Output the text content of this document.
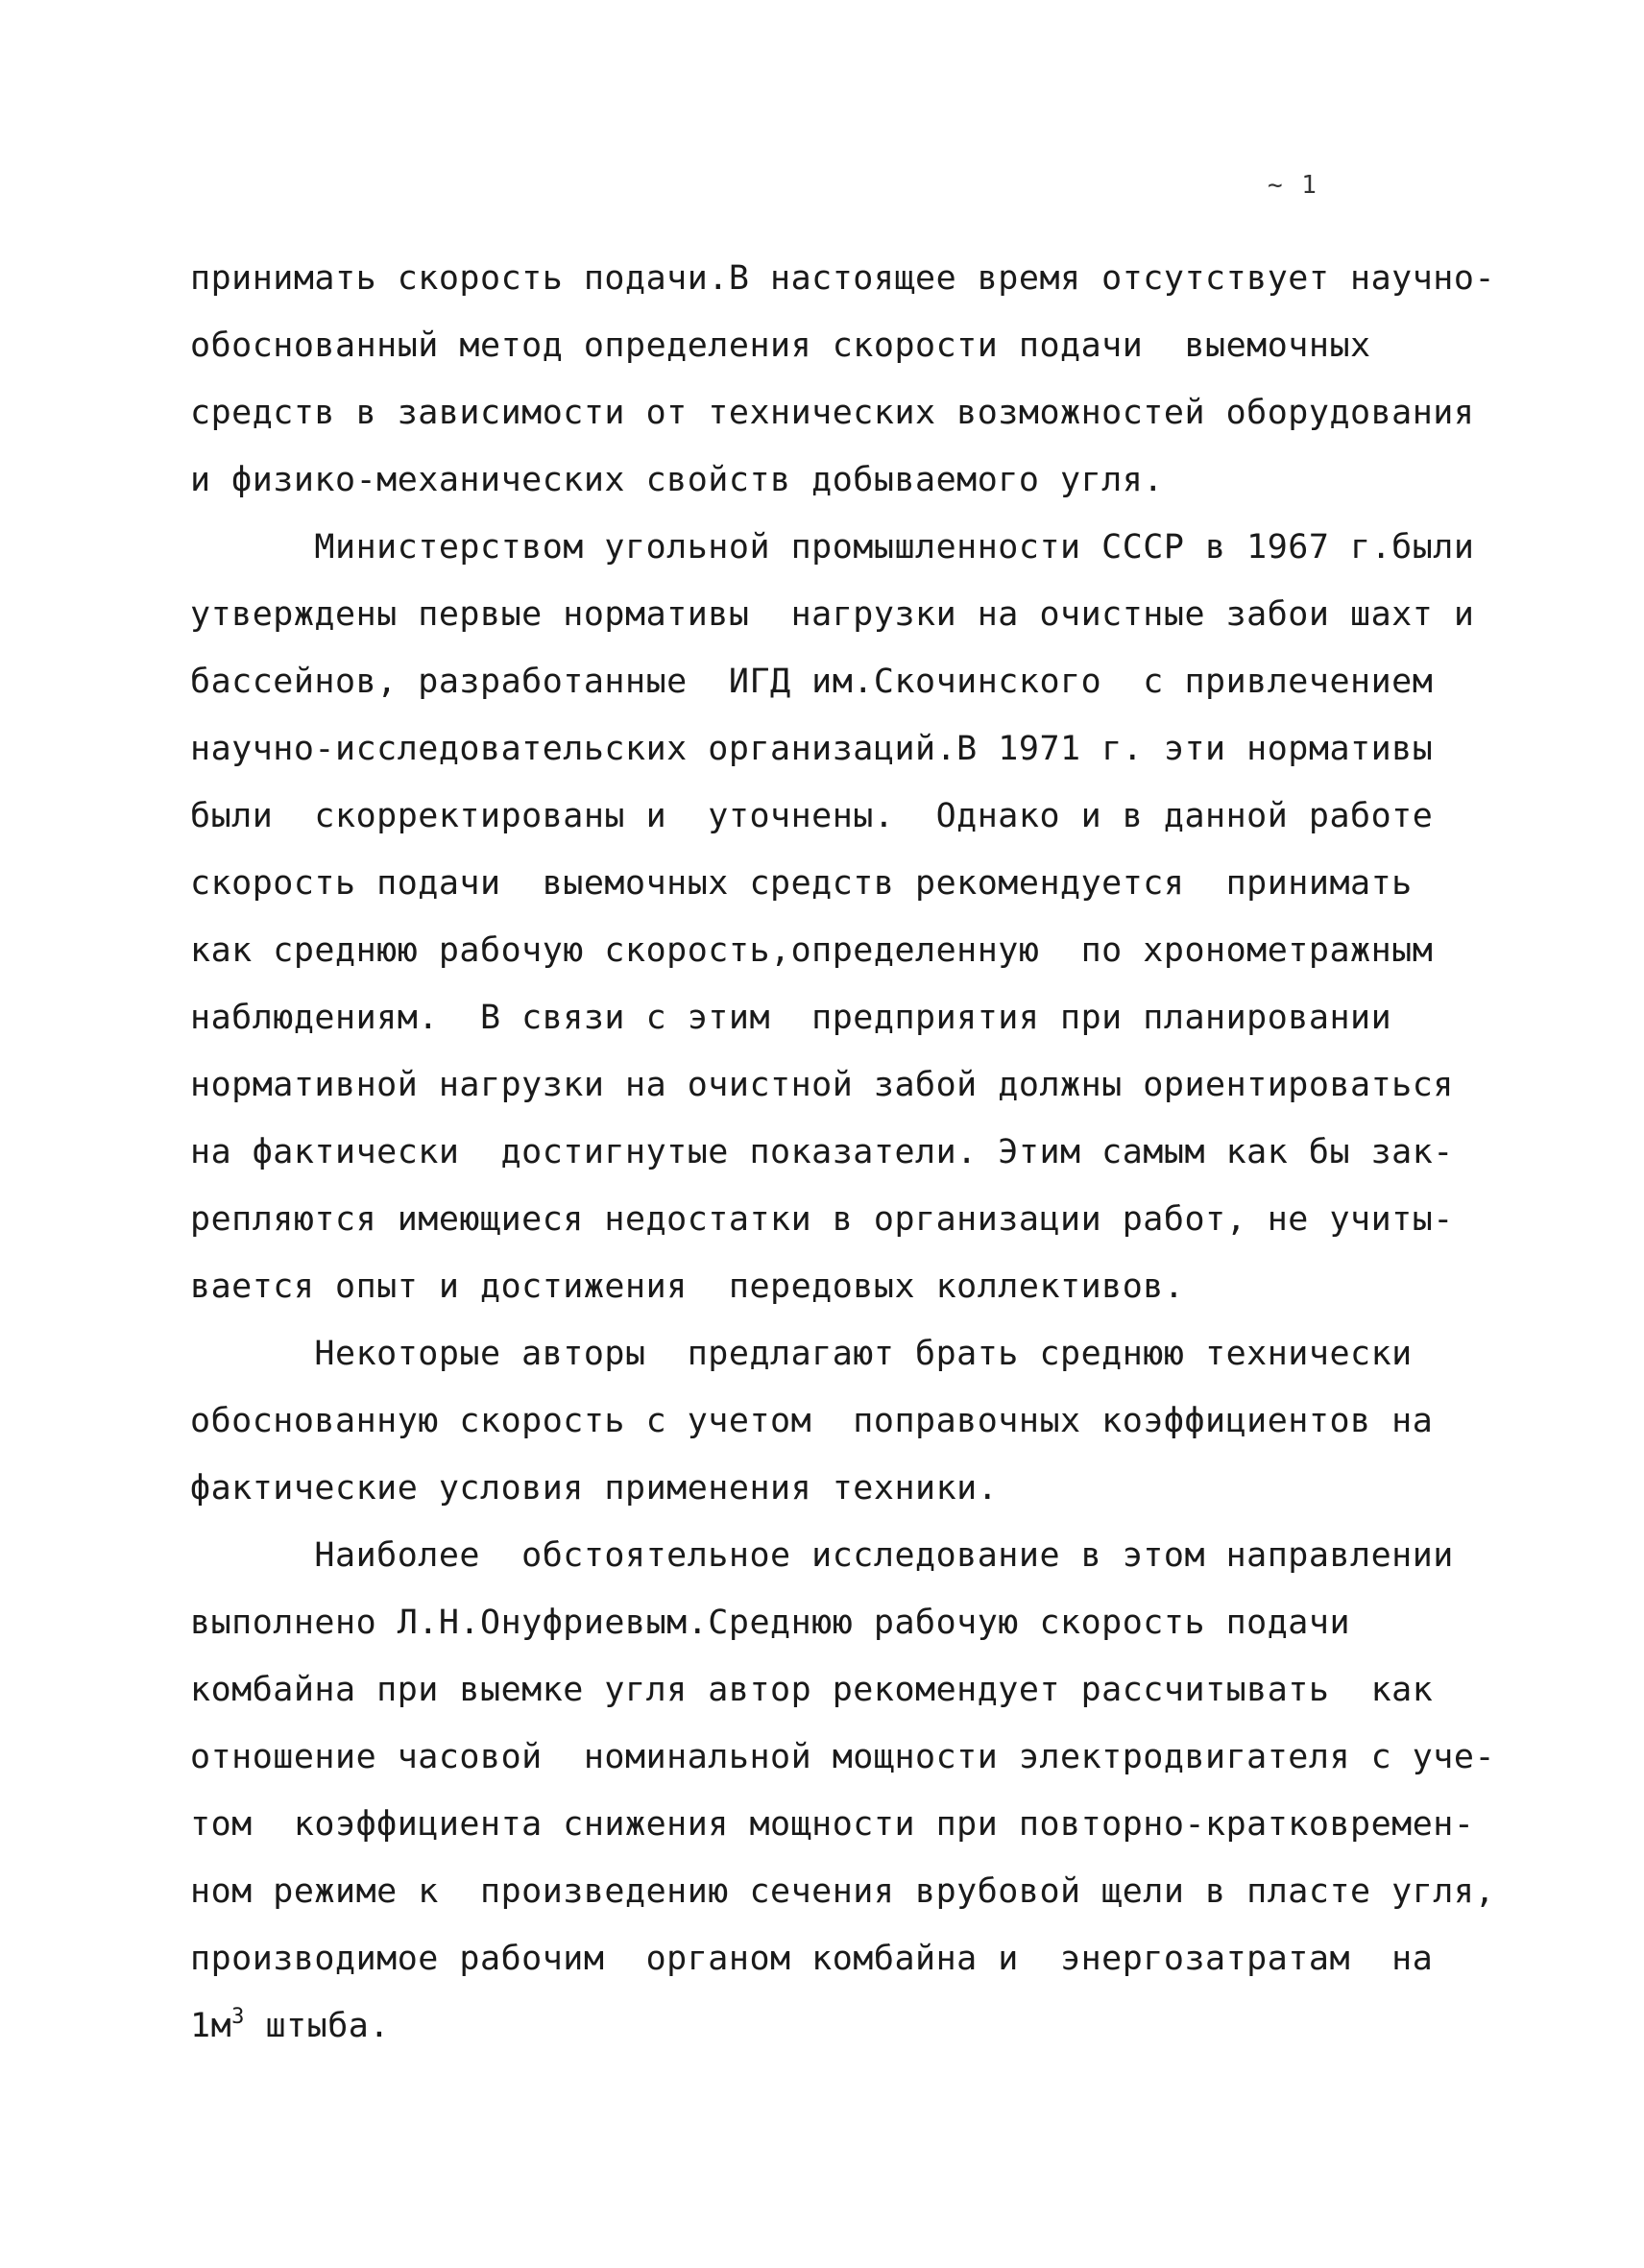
~ 1
принимать скорость подачи.В настоящее время отсутствует научно-
обоснованный метод определения скорости подачи  выемочных
средств в зависимости от технических возможностей оборудования
и физико-механических свойств добываемого угля.
Министерством угольной промышленности СССР в 1967 г.были
утверждены первые нормативы  нагрузки на очистные забои шахт и
бассейнов, разработанные  ИГД им.Скочинского  с привлечением
научно-исследовательских организаций.В 1971 г. эти нормативы
были  скорректированы и  уточнены.  Однако и в данной работе
скорость подачи  выемочных средств рекомендуется  принимать
как среднюю рабочую скорость,определенную  по хронометражным
наблюдениям.  В связи с этим  предприятия при планировании
нормативной нагрузки на очистной забой должны ориентироваться
на фактически  достигнутые показатели. Этим самым как бы зак-
репляются имеющиеся недостатки в организации работ, не учиты-
вается опыт и достижения  передовых коллективов.
Некоторые авторы  предлагают брать среднюю технически
обоснованную скорость с учетом  поправочных коэффициентов на
фактические условия применения техники.
Наиболее  обстоятельное исследование в этом направлении
выполнено Л.Н.Онуфриевым.Среднюю рабочую скорость подачи
комбайна при выемке угля автор рекомендует рассчитывать  как
отношение часовой  номинальной мощности электродвигателя с уче-
том  коэффициента снижения мощности при повторно-кратковремен-
ном режиме к  произведению сечения врубовой щели в пласте угля,
производимое рабочим  органом комбайна и  энергозатратам  на
$1м^3$ штыба.
